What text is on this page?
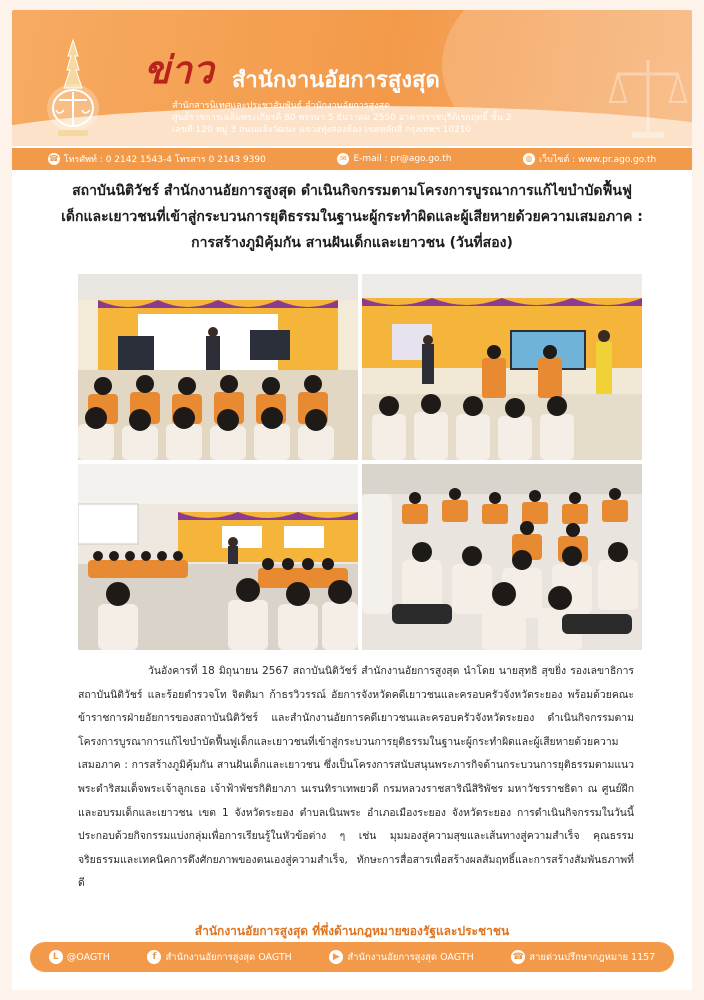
ข่าว สำนักงานอัยการสูงสุด
สำนักสารนิเทศและประชาสัมพันธ์ สำนักงานอัยการสูงสุด
ศูนย์ราชการเฉลิมพระเกียรติ 80 พรรษา 5 ธันวาคม 2550 อาคารราชบุรีดิเรกฤทธิ์ ชั้น 2
เลขที่ 120 หมู่ 3 ถนนแจ้งวัฒนะ แขวงทุ่งสองห้อง เขตหลักสี่ กรุงเทพฯ 10210
☎ โทรศัพท์ : 0 2142 1543-4 โทรสาร 0 2143 9390	✉ E-mail : pr@ago.go.th	◍ เว็บไซต์ : www.pr.ago.go.th
สถาบันนิติวัชร์ สำนักงานอัยการสูงสุด ดำเนินกิจกรรมตามโครงการบูรณาการแก้ไขบำบัดฟื้นฟู
เด็กและเยาวชนที่เข้าสู่กระบวนการยุติธรรมในฐานะผู้กระทำผิดและผู้เสียหายด้วยความเสมอภาค :
การสร้างภูมิคุ้มกัน สานฝันเด็กและเยาวชน (วันที่สอง)

วันอังคารที่ 18 มิถุนายน 2567 สถาบันนิติวัชร์ สำนักงานอัยการสูงสุด นำโดย นายสุทธิ สุขยิ่ง รองเลขาธิการสถาบันนิติวัชร์ และร้อยตำรวจโท จิตติมา ก้าธรวิวรรณ์ อัยการจังหวัดคดีเยาวชนและครอบครัวจังหวัดระยอง พร้อมด้วยคณะข้าราชการฝ่ายอัยการของสถาบันนิติวัชร์ และสำนักงานอัยการคดีเยาวชนและครอบครัวจังหวัดระยอง ดำเนินกิจกรรมตามโครงการบูรณาการแก้ไขบำบัดฟื้นฟูเด็กและเยาวชนที่เข้าสู่กระบวนการยุติธรรมในฐานะผู้กระทำผิดและผู้เสียหายด้วยความเสมอภาค : การสร้างภูมิคุ้มกัน สานฝันเด็กและเยาวชน ซึ่งเป็นโครงการสนับสนุนพระภารกิจด้านกระบวนการยุติธรรมตามแนวพระดำริสมเด็จพระเจ้าลูกเธอ เจ้าฟ้าพัชรกิติยาภา นเรนทิราเทพยวดี กรมหลวงราชสาริณีสิริพัชร มหาวัชรราชธิดา ณ ศูนย์ฝึกและอบรมเด็กและเยาวชน เขต 1 จังหวัดระยอง ตำบลเนินพระ อำเภอเมืองระยอง จังหวัดระยอง การดำเนินกิจกรรมในวันนี้ประกอบด้วยกิจกรรมแบ่งกลุ่มเพื่อการเรียนรู้ในหัวข้อต่าง ๆ เช่น มุมมองสู่ความสุขและเส้นทางสู่ความสำเร็จ คุณธรรม จริยธรรมและเทคนิคการดึงศักยภาพของตนเองสู่ความสำเร็จ, ทักษะการสื่อสารเพื่อสร้างผลสัมฤทธิ์และการสร้างสัมพันธภาพที่ดี

สำนักงานอัยการสูงสุด ที่พึ่งด้านกฎหมายของรัฐและประชาชน
L @OAGTH	f สำนักงานอัยการสูงสุด OAGTH	▶ สำนักงานอัยการสูงสุด OAGTH	☎ สายด่วนปรึกษากฎหมาย 1157
